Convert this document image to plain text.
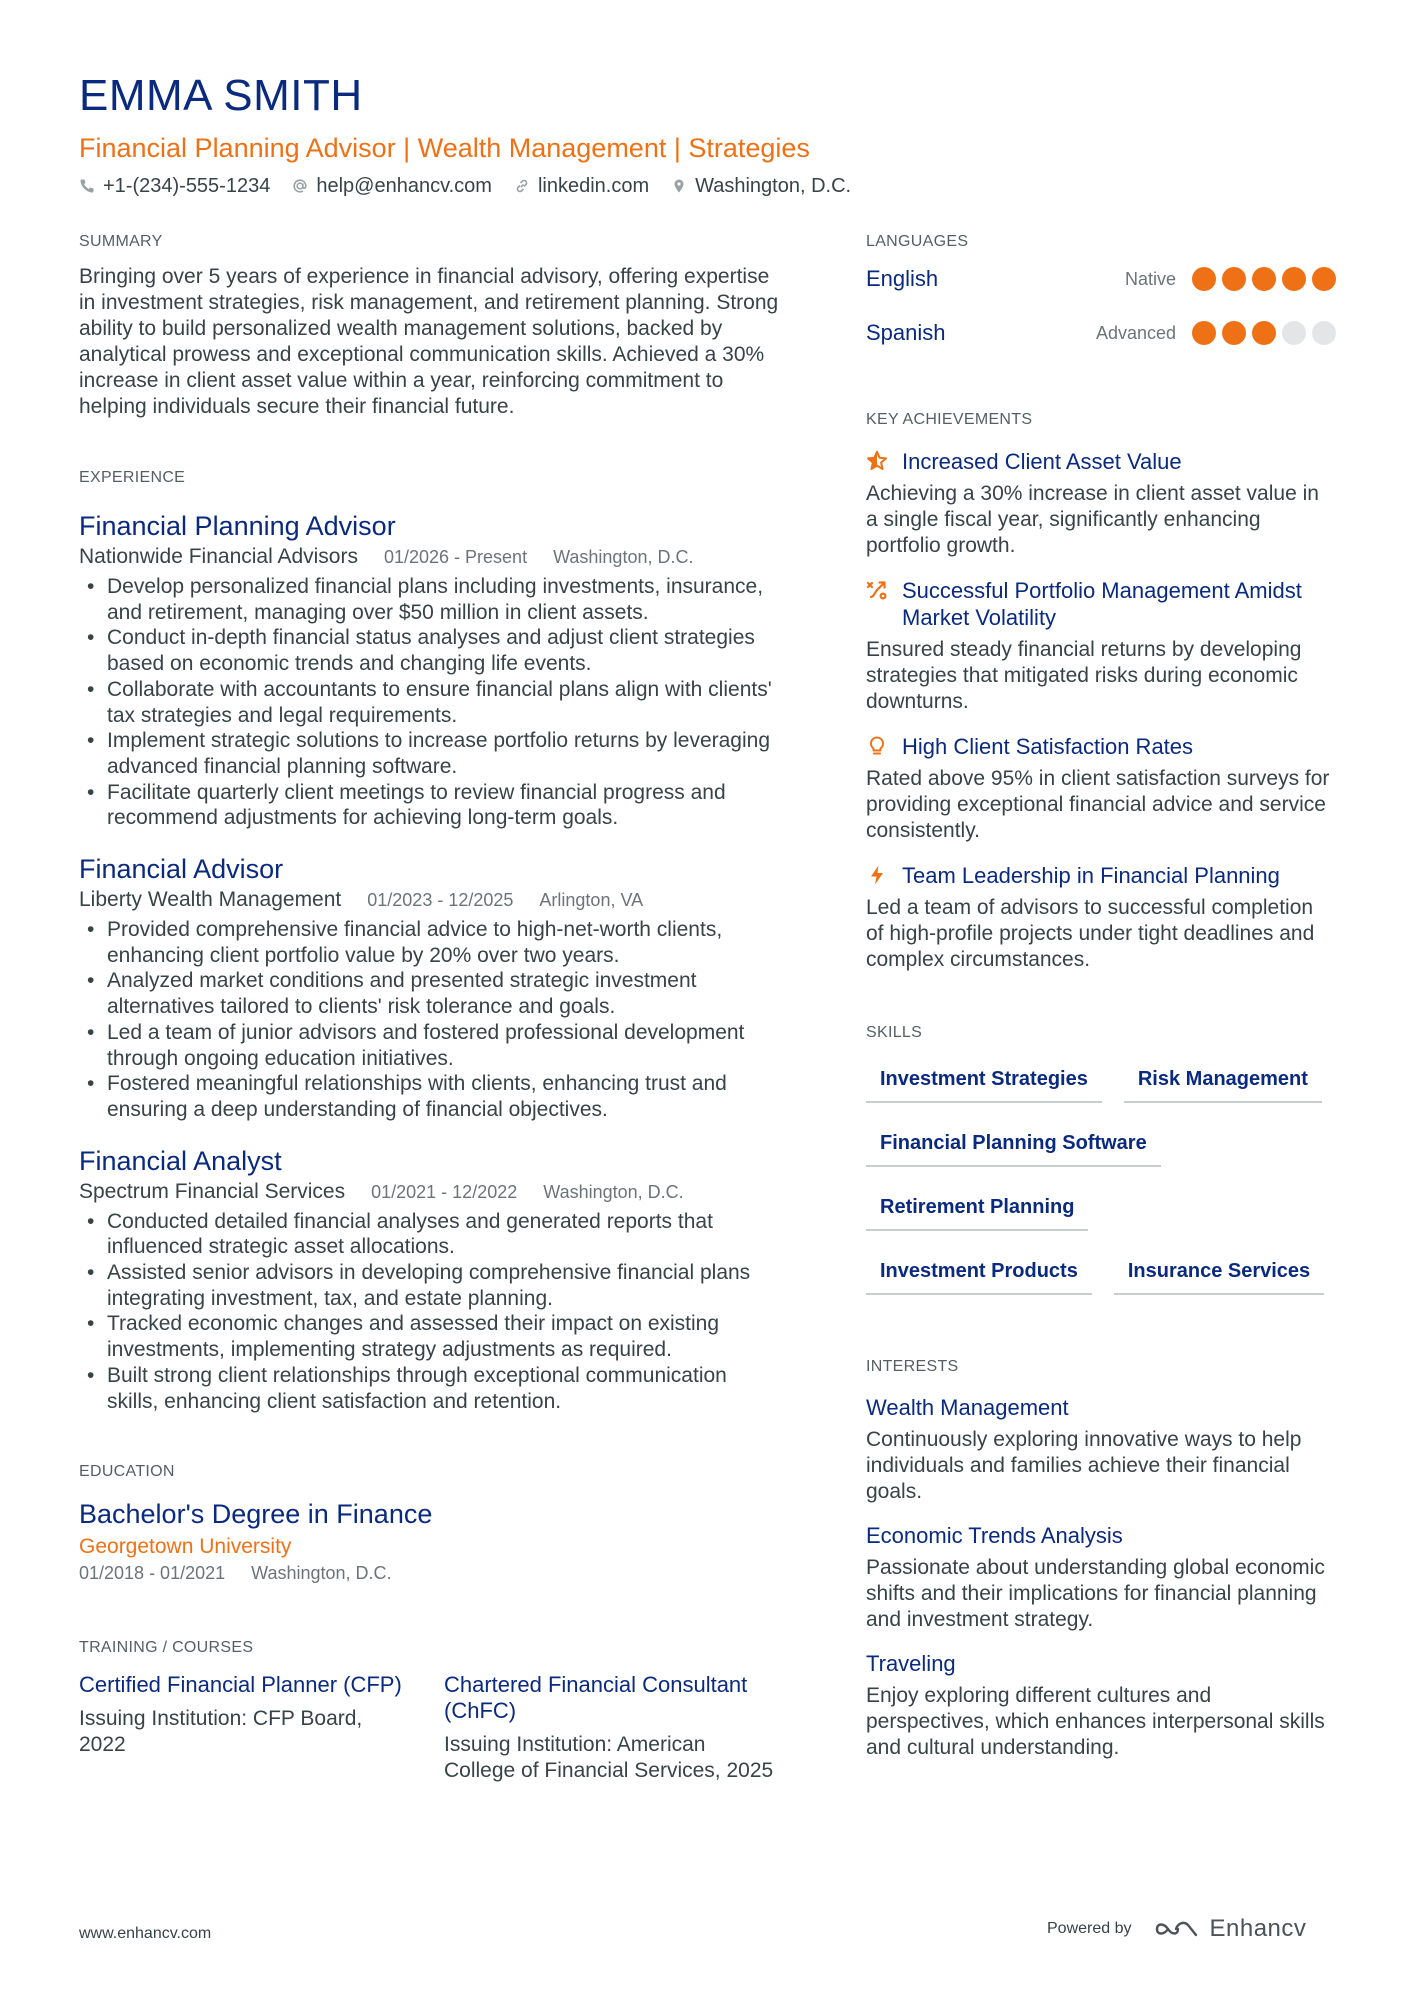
EMMA SMITH
Financial Planning Advisor | Wealth Management | Strategies
+1-(234)-555-1234 help@enhancv.com linkedin.com Washington, D.C.
SUMMARY
Bringing over 5 years of experience in financial advisory, offering expertise in investment strategies, risk management, and retirement planning. Strong ability to build personalized wealth management solutions, backed by analytical prowess and exceptional communication skills. Achieved a 30% increase in client asset value within a year, reinforcing commitment to helping individuals secure their financial future.
EXPERIENCE
Financial Planning Advisor
Nationwide Financial Advisors 01/2026 - Present Washington, D.C.
• Develop personalized financial plans including investments, insurance, and retirement, managing over $50 million in client assets.
• Conduct in-depth financial status analyses and adjust client strategies based on economic trends and changing life events.
• Collaborate with accountants to ensure financial plans align with clients' tax strategies and legal requirements.
• Implement strategic solutions to increase portfolio returns by leveraging advanced financial planning software.
• Facilitate quarterly client meetings to review financial progress and recommend adjustments for achieving long-term goals.
Financial Advisor
Liberty Wealth Management 01/2023 - 12/2025 Arlington, VA
• Provided comprehensive financial advice to high-net-worth clients, enhancing client portfolio value by 20% over two years.
• Analyzed market conditions and presented strategic investment alternatives tailored to clients' risk tolerance and goals.
• Led a team of junior advisors and fostered professional development through ongoing education initiatives.
• Fostered meaningful relationships with clients, enhancing trust and ensuring a deep understanding of financial objectives.
Financial Analyst
Spectrum Financial Services 01/2021 - 12/2022 Washington, D.C.
• Conducted detailed financial analyses and generated reports that influenced strategic asset allocations.
• Assisted senior advisors in developing comprehensive financial plans integrating investment, tax, and estate planning.
• Tracked economic changes and assessed their impact on existing investments, implementing strategy adjustments as required.
• Built strong client relationships through exceptional communication skills, enhancing client satisfaction and retention.
EDUCATION
Bachelor's Degree in Finance
Georgetown University
01/2018 - 01/2021 Washington, D.C.
TRAINING / COURSES
Certified Financial Planner (CFP)
Issuing Institution: CFP Board, 2022
Chartered Financial Consultant (ChFC)
Issuing Institution: American College of Financial Services, 2025
LANGUAGES
English	Native
Spanish	Advanced
KEY ACHIEVEMENTS
Increased Client Asset Value
Achieving a 30% increase in client asset value in a single fiscal year, significantly enhancing portfolio growth.
Successful Portfolio Management Amidst Market Volatility
Ensured steady financial returns by developing strategies that mitigated risks during economic downturns.
High Client Satisfaction Rates
Rated above 95% in client satisfaction surveys for providing exceptional financial advice and service consistently.
Team Leadership in Financial Planning
Led a team of advisors to successful completion of high-profile projects under tight deadlines and complex circumstances.
SKILLS
Investment Strategies	Risk Management
Financial Planning Software
Retirement Planning
Investment Products	Insurance Services
INTERESTS
Wealth Management
Continuously exploring innovative ways to help individuals and families achieve their financial goals.
Economic Trends Analysis
Passionate about understanding global economic shifts and their implications for financial planning and investment strategy.
Traveling
Enjoy exploring different cultures and perspectives, which enhances interpersonal skills and cultural understanding.
www.enhancv.com	Powered by	Enhancv
